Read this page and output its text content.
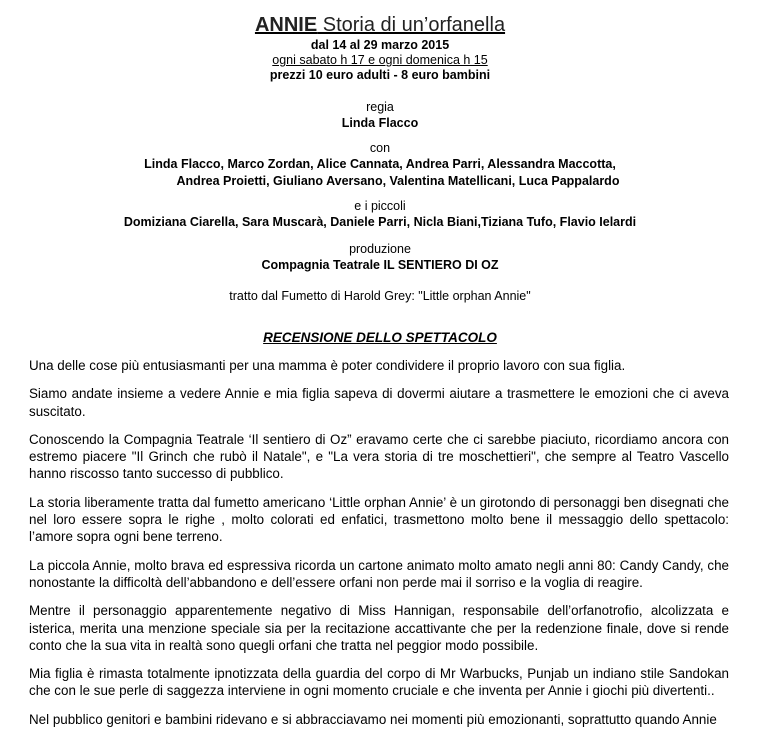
ANNIE Storia di un’orfanella
dal 14 al 29 marzo 2015
ogni sabato h 17 e ogni domenica h 15
prezzi 10 euro adulti - 8 euro bambini
regia
Linda Flacco
con
Linda Flacco, Marco Zordan, Alice Cannata, Andrea Parri, Alessandra Maccotta,
Andrea Proietti, Giuliano Aversano, Valentina Matellicani, Luca Pappalardo
e i piccoli
Domiziana Ciarella, Sara Muscarà, Daniele Parri, Nicla Biani,Tiziana Tufo, Flavio Ielardi
produzione
Compagnia Teatrale IL SENTIERO DI OZ
tratto dal Fumetto di Harold Grey: "Little orphan Annie"
RECENSIONE DELLO SPETTACOLO

Una delle cose più entusiasmanti per una mamma è poter condividere il proprio lavoro con sua figlia.

Siamo andate insieme a vedere Annie e mia figlia sapeva di dovermi aiutare a trasmettere le emozioni che ci aveva suscitato.

Conoscendo la Compagnia Teatrale ‘Il sentiero di Oz” eravamo certe che ci sarebbe piaciuto, ricordiamo ancora con estremo piacere "Il Grinch che rubò il Natale", e "La vera storia di tre moschettieri", che sempre al Teatro Vascello hanno riscosso tanto successo di pubblico.

La storia liberamente tratta dal fumetto americano ‘Little orphan Annie’ è un girotondo di personaggi ben disegnati che nel loro essere sopra le righe , molto colorati ed enfatici, trasmettono molto bene il messaggio dello spettacolo: l’amore sopra ogni bene terreno.

La piccola Annie, molto brava ed espressiva ricorda un cartone animato molto amato negli anni 80: Candy Candy, che nonostante la difficoltà dell’abbandono e dell’essere orfani non perde mai il sorriso e la voglia di reagire.

Mentre il personaggio apparentemente negativo di Miss Hannigan, responsabile dell’orfanotrofio, alcolizzata e isterica, merita una menzione speciale sia per la recitazione accattivante che per la redenzione finale, dove si rende conto che la sua vita in realtà sono quegli orfani che tratta nel peggior modo possibile.

Mia figlia è rimasta totalmente ipnotizzata della guardia del corpo di Mr Warbucks, Punjab un indiano stile Sandokan che con le sue perle di saggezza interviene in ogni momento cruciale e che inventa per Annie i giochi più divertenti..

Nel pubblico genitori e bambini ridevano e si abbracciavamo nei momenti più emozionanti, soprattutto quando Annie
